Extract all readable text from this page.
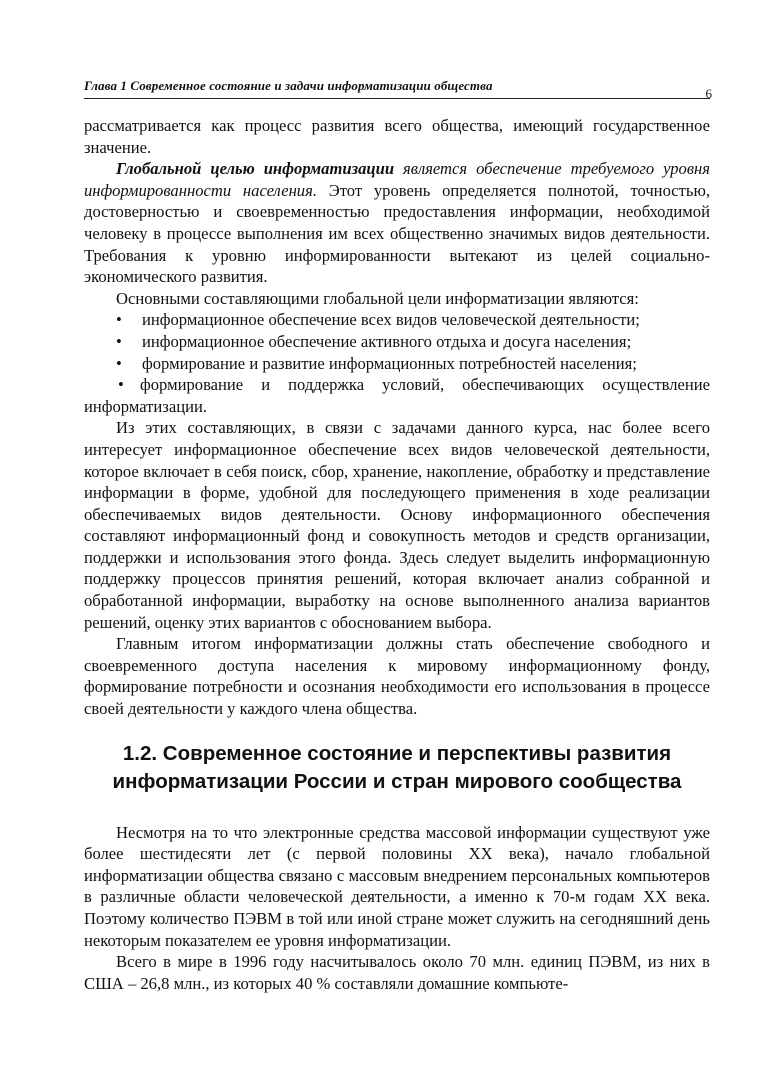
Глава 1 Современное состояние и задачи информатизации общества
6

рассматривается как процесс развития всего общества, имеющий государственное значение.

Глобальной целью информатизации является обеспечение требуемого уровня информированности населения. Этот уровень определяется полнотой, точностью, достоверностью и своевременностью предоставления информации, необходимой человеку в процессе выполнения им всех общественно значимых видов деятельности. Требования к уровню информированности вытекают из целей социально-экономического развития.

Основными составляющими глобальной цели информатизации являются:

• информационное обеспечение всех видов человеческой деятельности;
• информационное обеспечение активного отдыха и досуга населения;
• формирование и развитие информационных потребностей населения;
• формирование и поддержка условий, обеспечивающих осуществление информатизации.

Из этих составляющих, в связи с задачами данного курса, нас более всего интересует информационное обеспечение всех видов человеческой деятельности, которое включает в себя поиск, сбор, хранение, накопление, обработку и представление информации в форме, удобной для последующего применения в ходе реализации обеспечиваемых видов деятельности. Основу информационного обеспечения составляют информационный фонд и совокупность методов и средств организации, поддержки и использования этого фонда. Здесь следует выделить информационную поддержку процессов принятия решений, которая включает анализ собранной и обработанной информации, выработку на основе выполненного анализа вариантов решений, оценку этих вариантов с обоснованием выбора.

Главным итогом информатизации должны стать обеспечение свободного и своевременного доступа населения к мировому информационному фонду, формирование потребности и осознания необходимости его использования в процессе своей деятельности у каждого члена общества.

1.2. Современное состояние и перспективы развития
информатизации России и стран мирового сообщества

Несмотря на то что электронные средства массовой информации существуют уже более шестидесяти лет (с первой половины XX века), начало глобальной информатизации общества связано с массовым внедрением персональных компьютеров в различные области человеческой деятельности, а именно к 70-м годам XX века. Поэтому количество ПЭВМ в той или иной стране может служить на сегодняшний день некоторым показателем ее уровня информатизации.

Всего в мире в 1996 году насчитывалось около 70 млн. единиц ПЭВМ, из них в США – 26,8 млн., из которых 40 % составляли домашние компьюте-
